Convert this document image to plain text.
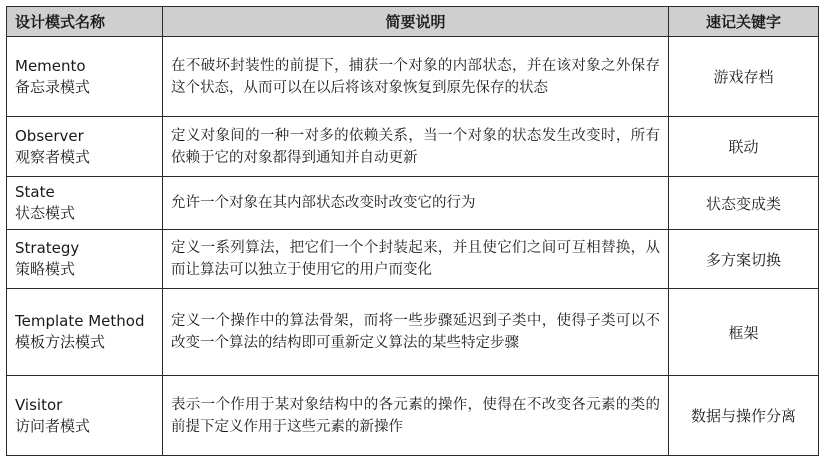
设计模式名称	简要说明	速记关键字

Memento
备忘录模式	在不破坏封装性的前提下，捕获一个对象的内部状态，并在该对象之外保存这个状态，从而可以在以后将该对象恢复到原先保存的状态	游戏存档

Observer
观察者模式	定义对象间的一种一对多的依赖关系，当一个对象的状态发生改变时，所有依赖于它的对象都得到通知并自动更新	联动

State
状态模式	允许一个对象在其内部状态改变时改变它的行为	状态变成类

Strategy
策略模式	定义一系列算法，把它们一个个封装起来，并且使它们之间可互相替换，从而让算法可以独立于使用它的用户而变化	多方案切换

Template Method
模板方法模式	定义一个操作中的算法骨架，而将一些步骤延迟到子类中，使得子类可以不改变一个算法的结构即可重新定义算法的某些特定步骤	框架

Visitor
访问者模式	表示一个作用于某对象结构中的各元素的操作，使得在不改变各元素的类的前提下定义作用于这些元素的新操作	数据与操作分离
